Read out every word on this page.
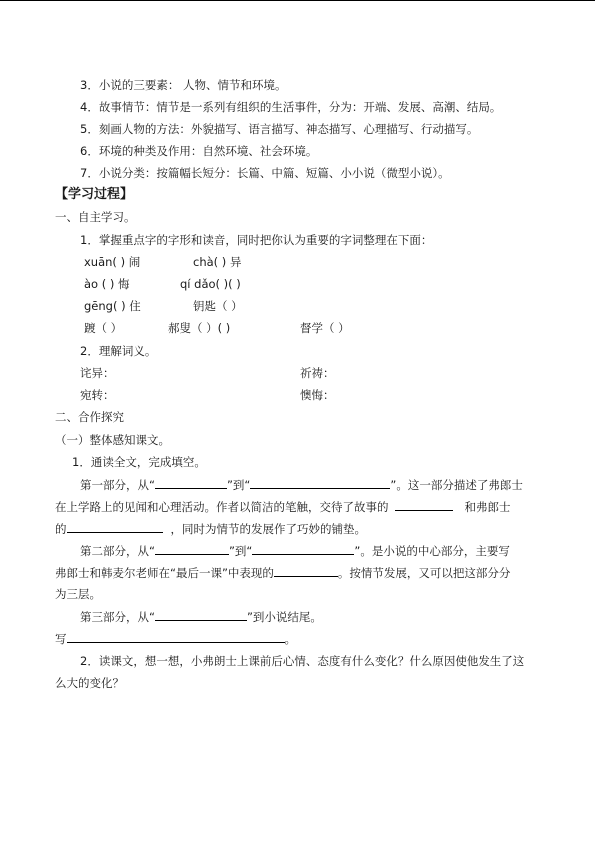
3．小说的三要素： 人物、情节和环境。
4．故事情节：情节是一系列有组织的生活事件，分为：开端、发展、高潮、结局。
5．刻画人物的方法：外貌描写、语言描写、神态描写、心理描写、行动描写。
6．环境的种类及作用：自然环境、社会环境。
7．小说分类：按篇幅长短分：长篇、中篇、短篇、小小说（微型小说）。
【学习过程】
一、自主学习。
1．掌握重点字的字形和读音，同时把你认为重要的字词整理在下面：
xuān( ) 闹	chà( ) 异
ào ( ) 悔	qí dǎo( )( )
gēng( ) 住	钥匙（ ）
踱（ ）	郝叟（ ）( )	督学（ ）
2．理解词义。
诧异：	祈祷：
宛转：	懊悔：
二、合作探究
（一）整体感知课文。
1．通读全文，完成填空。
第一部分，从“	”到“	”。这一部分描述了弗郎士
在上学路上的见闻和心理活动。作者以简洁的笔触，交待了故事的	和弗郎士
的	，同时为情节的发展作了巧妙的铺垫。
第二部分，从“	”到“	”。是小说的中心部分，主要写
弗郎士和韩麦尔老师在“最后一课”中表现的	。按情节发展，又可以把这部分分
为三层。
第三部分，从“	”到小说结尾。
写	。
2．读课文，想一想，小弗朗士上课前后心情、态度有什么变化？什么原因使他发生了这
么大的变化？
